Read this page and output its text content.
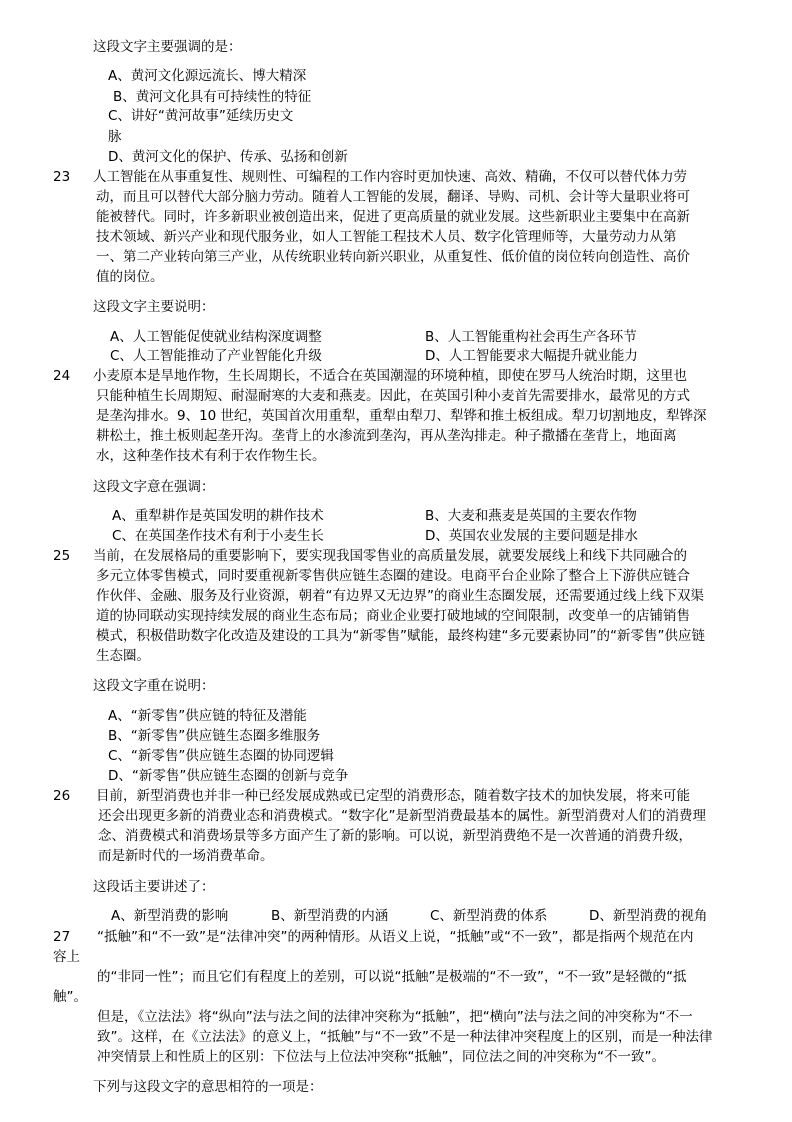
这段文字主要强调的是：
A、黄河文化源远流长、博大精深
B、黄河文化具有可持续性的特征
C、讲好“黄河故事”延续历史文
脉
D、黄河文化的保护、传承、弘扬和创新
23 人工智能在从事重复性、规则性、可编程的工作内容时更加快速、高效、精确，不仅可以替代体力劳
动，而且可以替代大部分脑力劳动。随着人工智能的发展，翻译、导购、司机、会计等大量职业将可
能被替代。同时，许多新职业被创造出来，促进了更高质量的就业发展。这些新职业主要集中在高新
技术领域、新兴产业和现代服务业，如人工智能工程技术人员、数字化管理师等，大量劳动力从第
一、第二产业转向第三产业，从传统职业转向新兴职业，从重复性、低价值的岗位转向创造性、高价
值的岗位。
这段文字主要说明：
A、人工智能促使就业结构深度调整	B、人工智能重构社会再生产各环节
C、人工智能推动了产业智能化升级	D、人工智能要求大幅提升就业能力
24 小麦原本是旱地作物，生长周期长，不适合在英国潮湿的环境种植，即使在罗马人统治时期，这里也
只能种植生长周期短、耐湿耐寒的大麦和燕麦。因此，在英国引种小麦首先需要排水，最常见的方式
是垄沟排水。9、10 世纪，英国首次用重犁，重犁由犁刀、犁铧和推土板组成。犁刀切割地皮，犁铧深
耕松土，推土板则起垄开沟。垄背上的水渗流到垄沟，再从垄沟排走。种子撒播在垄背上，地面离
水，这种垄作技术有利于农作物生长。
这段文字意在强调：
A、重犁耕作是英国发明的耕作技术	B、大麦和燕麦是英国的主要农作物
C、在英国垄作技术有利于小麦生长	D、英国农业发展的主要问题是排水
25 当前，在发展格局的重要影响下，要实现我国零售业的高质量发展，就要发展线上和线下共同融合的
多元立体零售模式，同时要重视新零售供应链生态圈的建设。电商平台企业除了整合上下游供应链合
作伙伴、金融、服务及行业资源，朝着“有边界又无边界”的商业生态圈发展，还需要通过线上线下双渠
道的协同联动实现持续发展的商业生态布局；商业企业要打破地域的空间限制，改变单一的店铺销售
模式，积极借助数字化改造及建设的工具为“新零售”赋能，最终构建“多元要素协同”的“新零售”供应链
生态圈。
这段文字重在说明：
A、“新零售”供应链的特征及潜能
B、“新零售”供应链生态圈多维服务
C、“新零售”供应链生态圈的协同逻辑
D、“新零售”供应链生态圈的创新与竞争
26 目前，新型消费也并非一种已经发展成熟或已定型的消费形态，随着数字技术的加快发展，将来可能
还会出现更多新的消费业态和消费模式。“数字化”是新型消费最基本的属性。新型消费对人们的消费理
念、消费模式和消费场景等多方面产生了新的影响。可以说，新型消费绝不是一次普通的消费升级，
而是新时代的一场消费革命。
这段话主要讲述了：
A、新型消费的影响	B、新型消费的内涵	C、新型消费的体系	D、新型消费的视角
27 “抵触”和“不一致”是“法律冲突”的两种情形。从语义上说，“抵触”或“不一致”，都是指两个规范在内
容上
的“非同一性”；而且它们有程度上的差别，可以说“抵触”是极端的“不一致”，“不一致”是轻微的“抵
触”。
但是，《立法法》将“纵向”法与法之间的法律冲突称为“抵触”，把“横向”法与法之间的冲突称为“不一
致”。这样，在《立法法》的意义上，“抵触”与“不一致”不是一种法律冲突程度上的区别，而是一种法律
冲突情景上和性质上的区别：下位法与上位法冲突称“抵触”，同位法之间的冲突称为“不一致”。
下列与这段文字的意思相符的一项是：
